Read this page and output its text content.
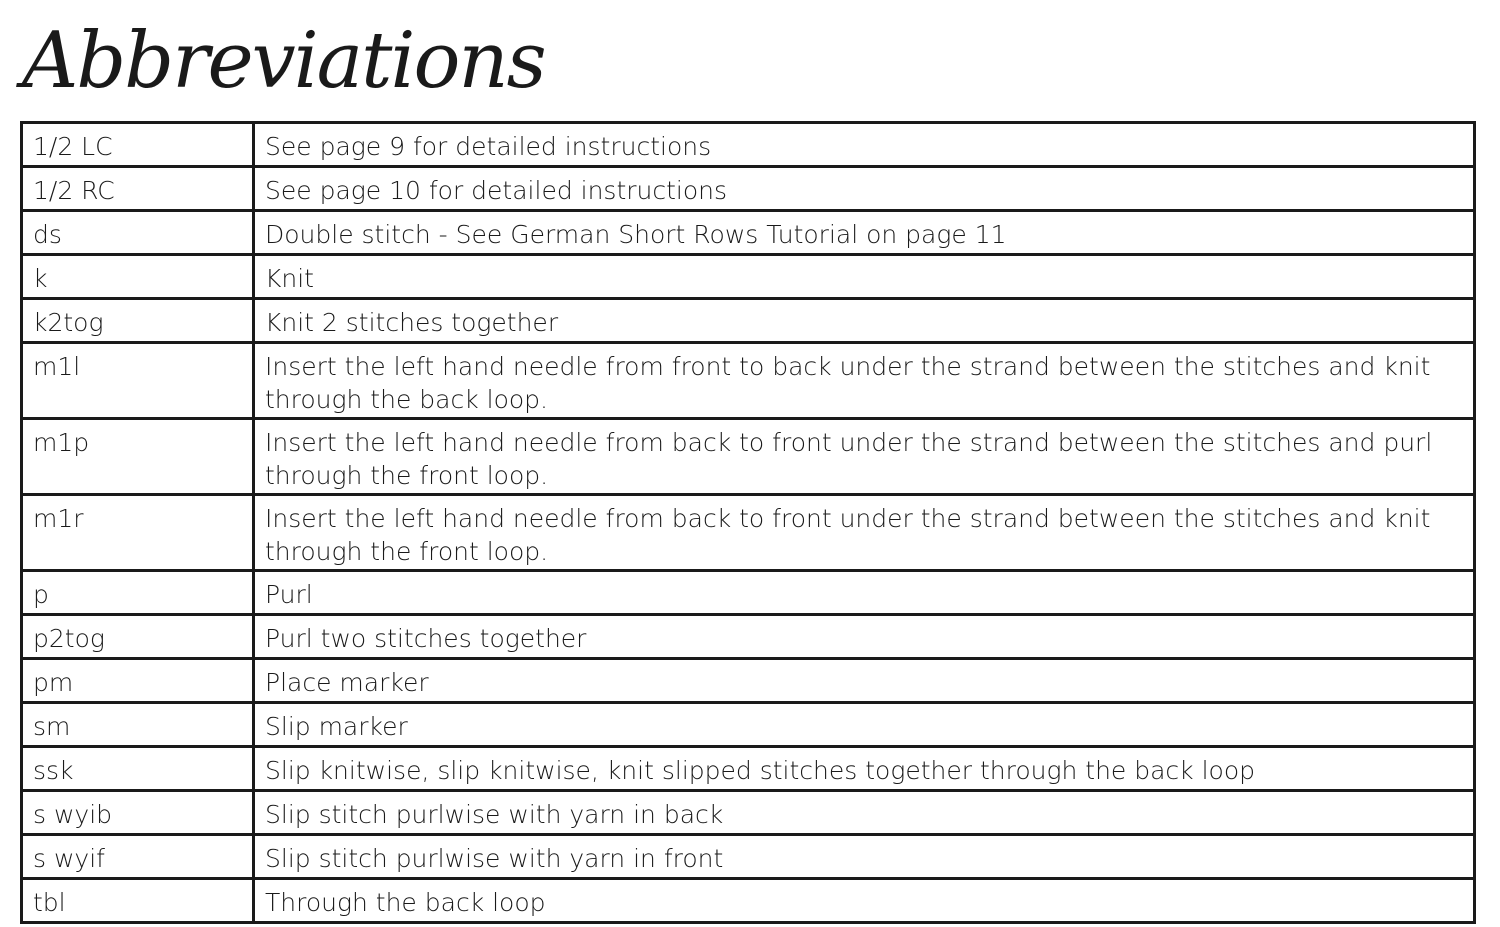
Abbreviations
1/2 LC	See page 9 for detailed instructions
1/2 RC	See page 10 for detailed instructions
ds	Double stitch - See German Short Rows Tutorial on page 11
k	Knit
k2tog	Knit 2 stitches together
m1l	Insert the left hand needle from front to back under the strand between the stitches and knit through the back loop.
m1p	Insert the left hand needle from back to front under the strand between the stitches and purl through the front loop.
m1r	Insert the left hand needle from back to front under the strand between the stitches and knit through the front loop.
p	Purl
p2tog	Purl two stitches together
pm	Place marker
sm	Slip marker
ssk	Slip knitwise, slip knitwise, knit slipped stitches together through the back loop
s wyib	Slip stitch purlwise with yarn in back
s wyif	Slip stitch purlwise with yarn in front
tbl	Through the back loop
